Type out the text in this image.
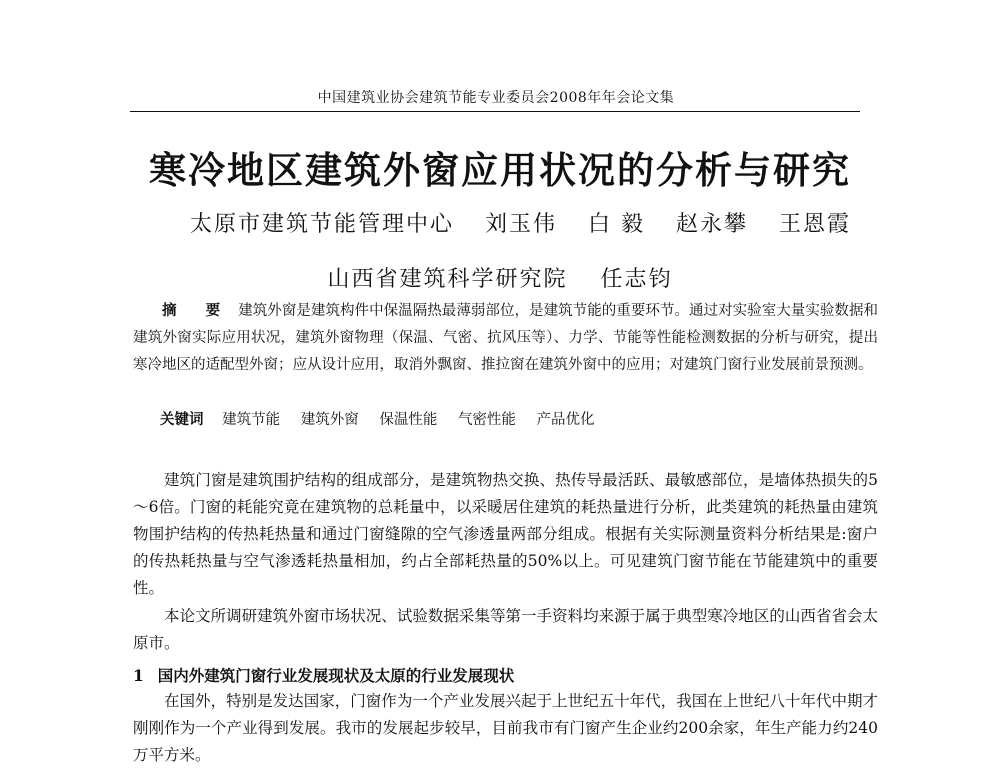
中国建筑业协会建筑节能专业委员会2008年年会论文集
寒冷地区建筑外窗应用状况的分析与研究
太原市建筑节能管理中心 刘玉伟 白 毅 赵永攀 王恩霞
山西省建筑科学研究院 任志钧

摘 要 建筑外窗是建筑构件中保温隔热最薄弱部位，是建筑节能的重要环节。通过对实验室大量实验数据和建筑外窗实际应用状况，建筑外窗物理（保温、气密、抗风压等）、力学、节能等性能检测数据的分析与研究，提出寒冷地区的适配型外窗；应从设计应用，取消外飘窗、推拉窗在建筑外窗中的应用；对建筑门窗行业发展前景预测。

关键词 建筑节能 建筑外窗 保温性能 气密性能 产品优化

建筑门窗是建筑围护结构的组成部分，是建筑物热交换、热传导最活跃、最敏感部位，是墙体热损失的5～6倍。门窗的耗能究竟在建筑物的总耗量中，以采暖居住建筑的耗热量进行分析，此类建筑的耗热量由建筑物围护结构的传热耗热量和通过门窗缝隙的空气渗透量两部分组成。根据有关实际测量资料分析结果是:窗户的传热耗热量与空气渗透耗热量相加，约占全部耗热量的50%以上。可见建筑门窗节能在节能建筑中的重要性。

本论文所调研建筑外窗市场状况、试验数据采集等第一手资料均来源于属于典型寒冷地区的山西省省会太原市。

1 国内外建筑门窗行业发展现状及太原的行业发展现状

在国外，特别是发达国家，门窗作为一个产业发展兴起于上世纪五十年代，我国在上世纪八十年代中期才刚刚作为一个产业得到发展。我市的发展起步较早，目前我市有门窗产生企业约200余家，年生产能力约240万平方米。
